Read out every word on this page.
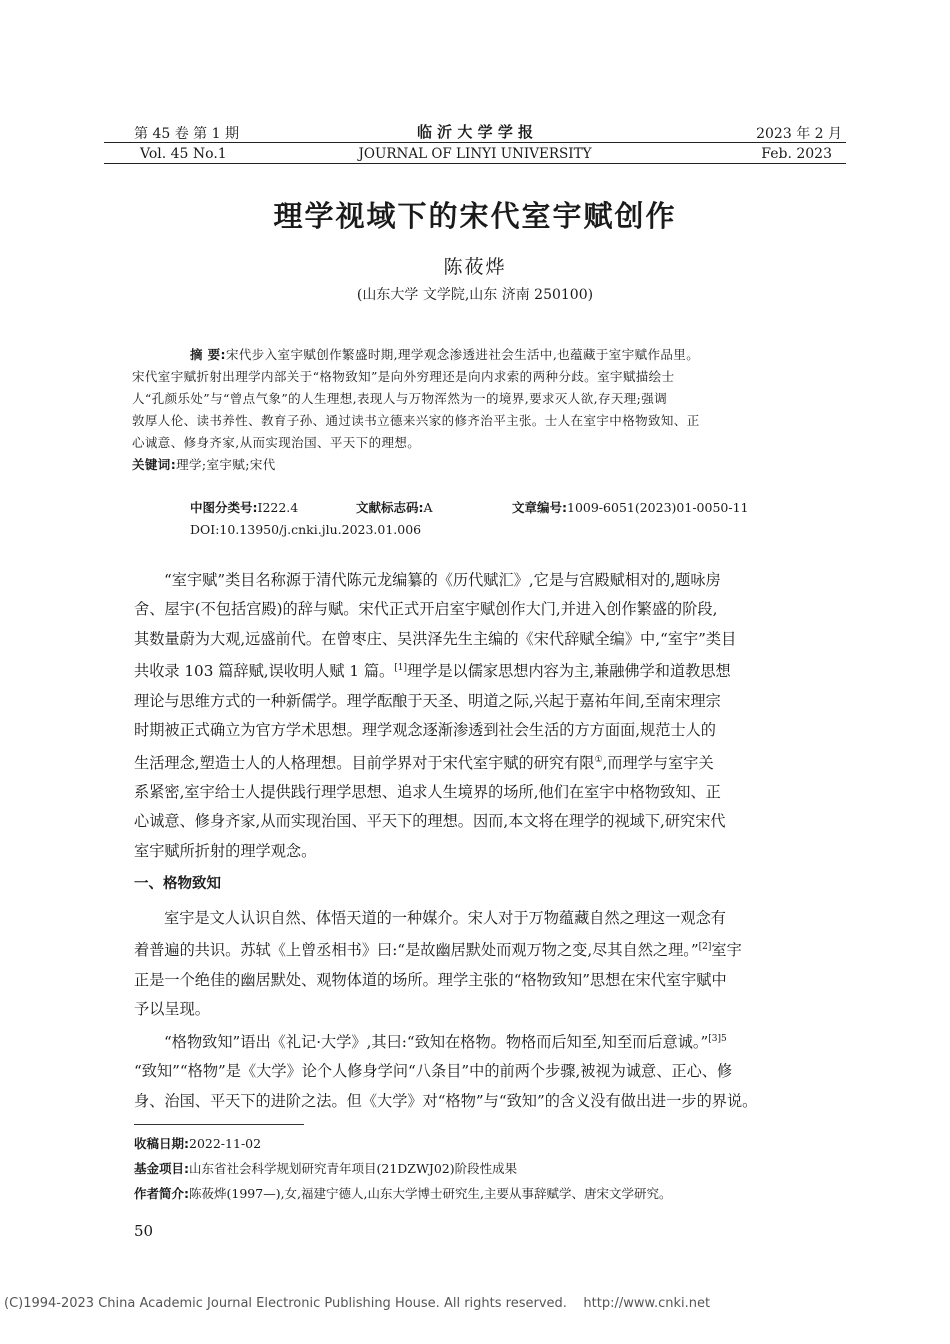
第 45 卷 第 1 期	临 沂 大 学 学 报	2023 年 2 月
Vol. 45 No.1	JOURNAL OF LINYI UNIVERSITY	Feb. 2023
理学视域下的宋代室宇赋创作
陈莜烨
(山东大学 文学院,山东 济南 250100)

摘 要:宋代步入室宇赋创作繁盛时期,理学观念渗透进社会生活中,也蕴藏于室宇赋作品里。

宋代室宇赋折射出理学内部关于“格物致知”是向外穷理还是向内求索的两种分歧。室宇赋描绘士

人“孔颜乐处”与“曾点气象”的人生理想,表现人与万物浑然为一的境界,要求灭人欲,存天理;强调

敦厚人伦、读书养性、教育子孙、通过读书立德来兴家的修齐治平主张。士人在室宇中格物致知、正

心诚意、修身齐家,从而实现治国、平天下的理想。

关键词:理学;室宇赋;宋代

中图分类号:I222.4	文献标志码:A	文章编号:1009-6051(2023)01-0050-11
DOI:10.13950/j.cnki.jlu.2023.01.006

“室宇赋”类目名称源于清代陈元龙编纂的《历代赋汇》,它是与宫殿赋相对的,题咏房

舍、屋宇(不包括宫殿)的辞与赋。宋代正式开启室宇赋创作大门,并进入创作繁盛的阶段,

其数量蔚为大观,远盛前代。在曾枣庄、吴洪泽先生主编的《宋代辞赋全编》中,“室宇”类目

共收录 103 篇辞赋,误收明人赋 1 篇。[1]理学是以儒家思想内容为主,兼融佛学和道教思想

理论与思维方式的一种新儒学。理学酝酿于天圣、明道之际,兴起于嘉祐年间,至南宋理宗

时期被正式确立为官方学术思想。理学观念逐渐渗透到社会生活的方方面面,规范士人的

生活理念,塑造士人的人格理想。目前学界对于宋代室宇赋的研究有限①,而理学与室宇关

系紧密,室宇给士人提供践行理学思想、追求人生境界的场所,他们在室宇中格物致知、正

心诚意、修身齐家,从而实现治国、平天下的理想。因而,本文将在理学的视域下,研究宋代

室宇赋所折射的理学观念。

一、格物致知

室宇是文人认识自然、体悟天道的一种媒介。宋人对于万物蕴藏自然之理这一观念有

着普遍的共识。苏轼《上曾丞相书》曰:“是故幽居默处而观万物之变,尽其自然之理。”[2]室宇

正是一个绝佳的幽居默处、观物体道的场所。理学主张的“格物致知”思想在宋代室宇赋中

予以呈现。

“格物致知”语出《礼记·大学》,其曰:“致知在格物。物格而后知至,知至而后意诚。”$^{[3]5}$

“致知”“格物”是《大学》论个人修身学问“八条目”中的前两个步骤,被视为诚意、正心、修

身、治国、平天下的进阶之法。但《大学》对“格物”与“致知”的含义没有做出进一步的界说。

收稿日期:2022-11-02
基金项目:山东省社会科学规划研究青年项目(21DZWJ02)阶段性成果
作者简介:陈莜烨(1997—),女,福建宁德人,山东大学博士研究生,主要从事辞赋学、唐宋文学研究。
50
(C)1994-2023 China Academic Journal Electronic Publishing House. All rights reserved.    http://www.cnki.net
